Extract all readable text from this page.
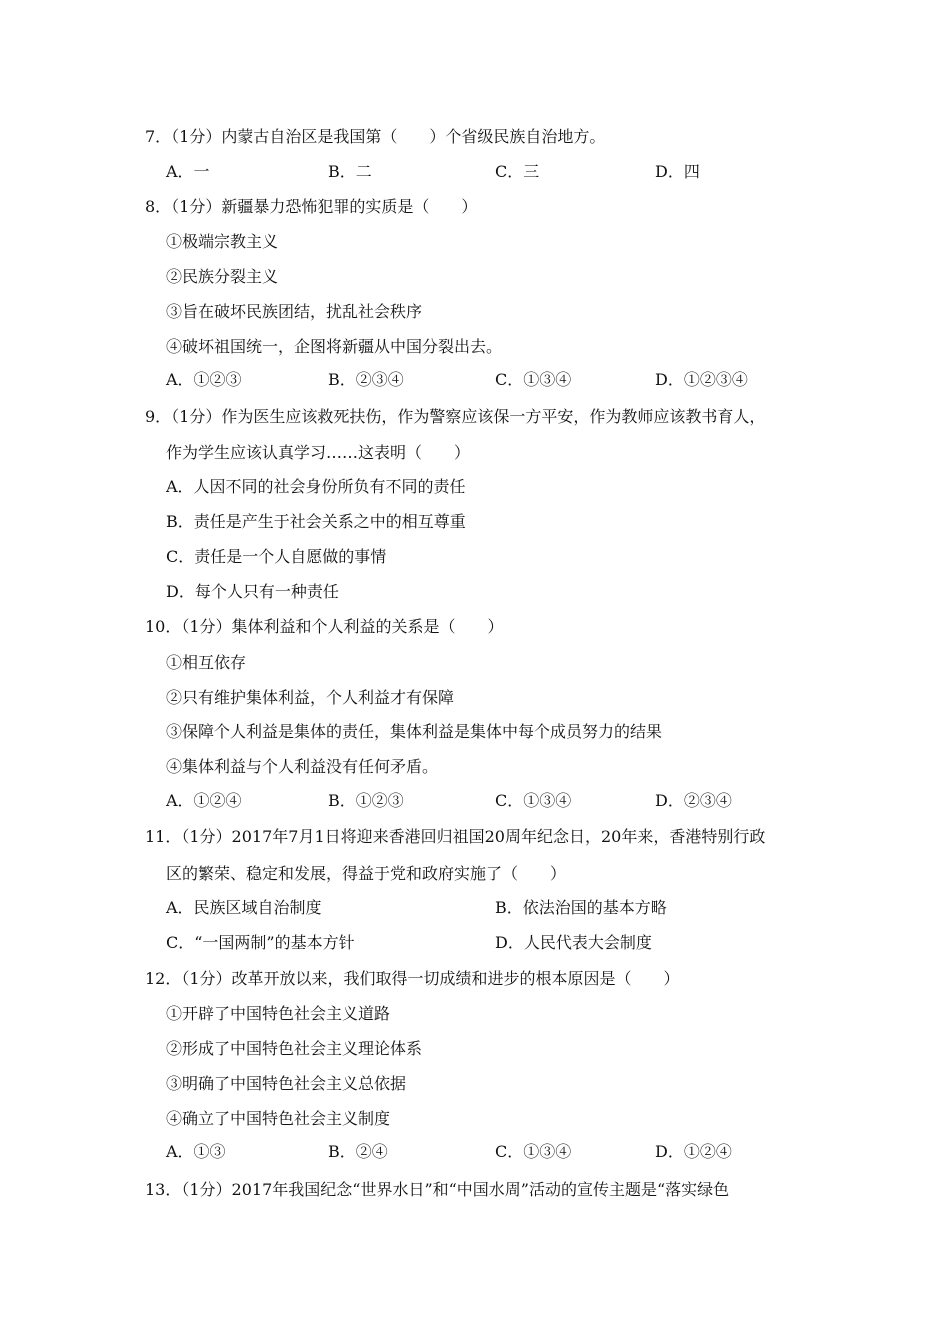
7．（1分）内蒙古自治区是我国第（　　）个省级民族自治地方。
A．一	B．二	C．三	D．四
8．（1分）新疆暴力恐怖犯罪的实质是（　　）
①极端宗教主义
②民族分裂主义
③旨在破坏民族团结，扰乱社会秩序
④破坏祖国统一，企图将新疆从中国分裂出去。
A．①②③	B．②③④	C．①③④	D．①②③④
9．（1分）作为医生应该救死扶伤，作为警察应该保一方平安，作为教师应该教书育人，
作为学生应该认真学习……这表明（　　）
A．人因不同的社会身份所负有不同的责任
B．责任是产生于社会关系之中的相互尊重
C．责任是一个人自愿做的事情
D．每个人只有一种责任
10．（1分）集体利益和个人利益的关系是（　　）
①相互依存
②只有维护集体利益，个人利益才有保障
③保障个人利益是集体的责任，集体利益是集体中每个成员努力的结果
④集体利益与个人利益没有任何矛盾。
A．①②④	B．①②③	C．①③④	D．②③④
11．（1分）2017年7月1日将迎来香港回归祖国20周年纪念日，20年来，香港特别行政
区的繁荣、稳定和发展，得益于党和政府实施了（　　）
A．民族区域自治制度	B．依法治国的基本方略
C．“一国两制”的基本方针	D．人民代表大会制度
12．（1分）改革开放以来，我们取得一切成绩和进步的根本原因是（　　）
①开辟了中国特色社会主义道路
②形成了中国特色社会主义理论体系
③明确了中国特色社会主义总依据
④确立了中国特色社会主义制度
A．①③	B．②④	C．①③④	D．①②④
13．（1分）2017年我国纪念“世界水日”和“中国水周”活动的宣传主题是“落实绿色
